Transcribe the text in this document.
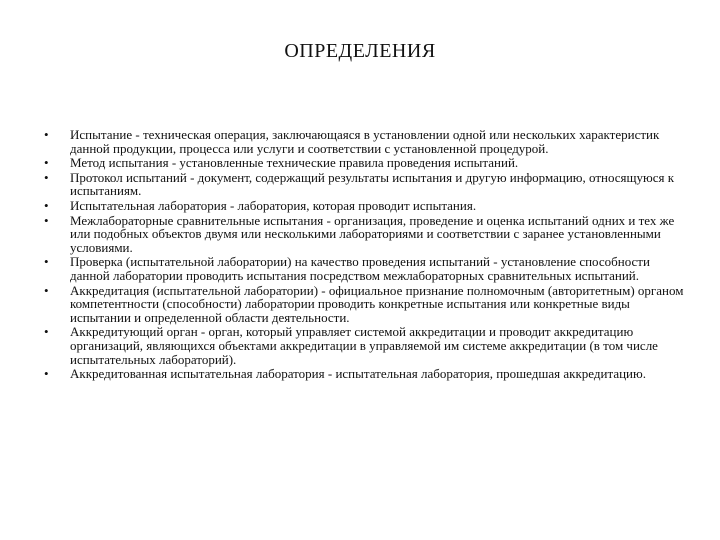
ОПРЕДЕЛЕНИЯ
•	Испытание - техническая операция, заключающаяся в установлении одной или нескольких характеристик данной продукции, процесса или услуги и соответствии с установленной процедурой.
•	Метод испытания - установленные технические правила проведения испытаний.
•	Протокол испытаний - документ, содержащий результаты испытания и другую информацию, относящуюся к испытаниям.
•	Испытательная лаборатория - лаборатория, которая проводит испытания.
•	Межлабораторные сравнительные испытания - организация, проведение и оценка испытаний одних и тех же или подобных объектов двумя или несколькими лабораториями и соответствии с заранее установленными условиями.
•	Проверка (испытательной лаборатории) на качество проведения испытаний - установление способности данной лаборатории проводить испытания посредством межлабораторных сравнительных испытаний.
•	Аккредитация (испытательной лаборатории) - официальное признание полномочным (авторитетным) органом компетентности (способности) лаборатории проводить конкретные испытания или конкретные виды испытании и определенной области деятельности.
•	Аккредитующий орган - орган, который управляет системой аккредитации и проводит аккредитацию организаций, являющихся объектами аккредитации в управляемой им системе аккредитации (в том числе испытательных лабораторий).
•	Аккредитованная испытательная лаборатория - испытательная лаборатория, прошедшая аккредитацию.
